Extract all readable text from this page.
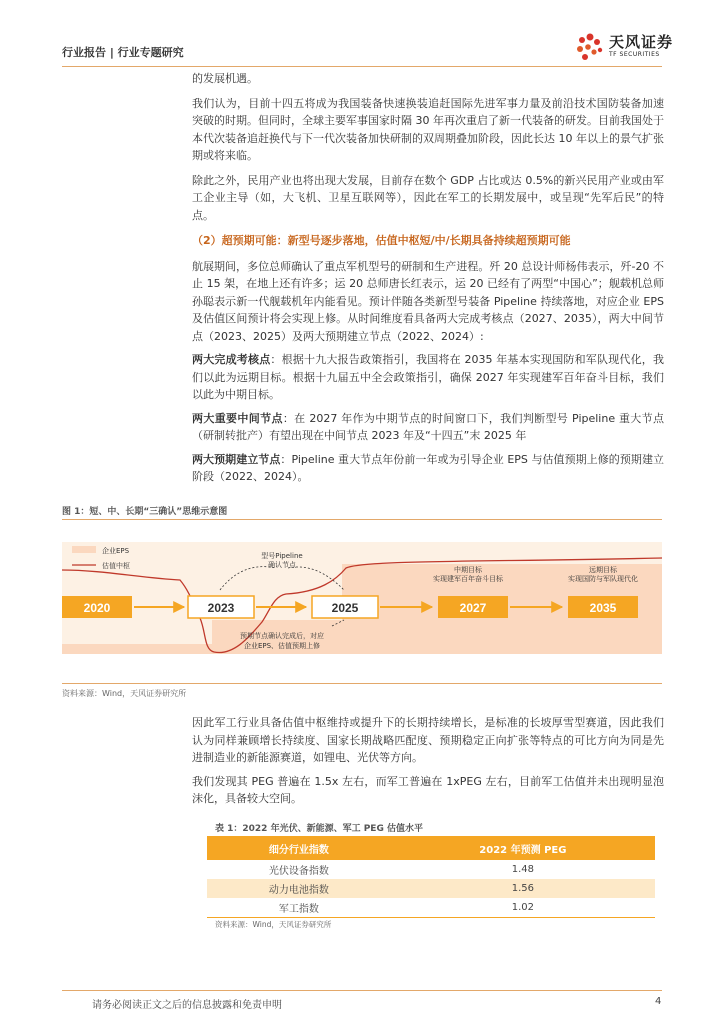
行业报告 | 行业专题研究
天风证券
TF SECURITIES

的发展机遇。

我们认为，目前十四五将成为我国装备快速换装追赶国际先进军事力量及前沿技术国防装备加速突破的时期。但同时，全球主要军事国家时隔 30 年再次重启了新一代装备的研发。目前我国处于本代次装备追赶换代与下一代次装备加快研制的双周期叠加阶段，因此长达 10 年以上的景气扩张期或将来临。

除此之外，民用产业也将出现大发展，目前存在数个 GDP 占比或达 0.5%的新兴民用产业或由军工企业主导（如，大飞机、卫星互联网等），因此在军工的长期发展中，或呈现“先军后民”的特点。

（2）超预期可能：新型号逐步落地，估值中枢短/中/长期具备持续超预期可能

航展期间，多位总师确认了重点军机型号的研制和生产进程。歼 20 总设计师杨伟表示，歼-20 不止 15 架，在地上还有许多；运 20 总师唐长红表示，运 20 已经有了两型“中国心”；舰载机总师孙聪表示新一代舰载机年内能看见。预计伴随各类新型号装备 Pipeline 持续落地，对应企业 EPS 及估值区间预计将会实现上修。从时间维度看具备两大完成考核点（2027、2035），两大中间节点（2023、2025）及两大预期建立节点（2022、2024）:

两大完成考核点：根据十九大报告政策指引，我国将在 2035 年基本实现国防和军队现代化，我们以此为远期目标。根据十九届五中全会政策指引，确保 2027 年实现建军百年奋斗目标，我们以此为中期目标。

两大重要中间节点：在 2027 年作为中期节点的时间窗口下，我们判断型号 Pipeline 重大节点（研制转批产）有望出现在中间节点 2023 年及“十四五”末 2025 年

两大预期建立节点：Pipeline 重大节点年份前一年或为引导企业 EPS 与估值预期上修的预期建立阶段（2022、2024）。

图 1：短、中、长期“三确认”思维示意图
企业EPS
估值中枢
2020	2023	2025	2027	2035
型号Pipeline
确认节点
中期目标
实现建军百年奋斗目标
远期目标
实现国防与军队现代化
预期节点确认完成后，对应
企业EPS、估值预期上修
资料来源：Wind，天风证券研究所

因此军工行业具备估值中枢维持或提升下的长期持续增长，是标准的长坡厚雪型赛道，因此我们认为同样兼顾增长持续度、国家长期战略匹配度、预期稳定正向扩张等特点的可比方向为同是先进制造业的新能源赛道，如锂电、光伏等方向。

我们发现其 PEG 普遍在 1.5x 左右，而军工普遍在 1xPEG 左右，目前军工估值并未出现明显泡沫化，具备较大空间。

表 1：2022 年光伏、新能源、军工 PEG 估值水平
细分行业指数	2022 年预测 PEG
光伏设备指数	1.48
动力电池指数	1.56
军工指数	1.02
资料来源：Wind，天风证券研究所
请务必阅读正文之后的信息披露和免责申明	4
